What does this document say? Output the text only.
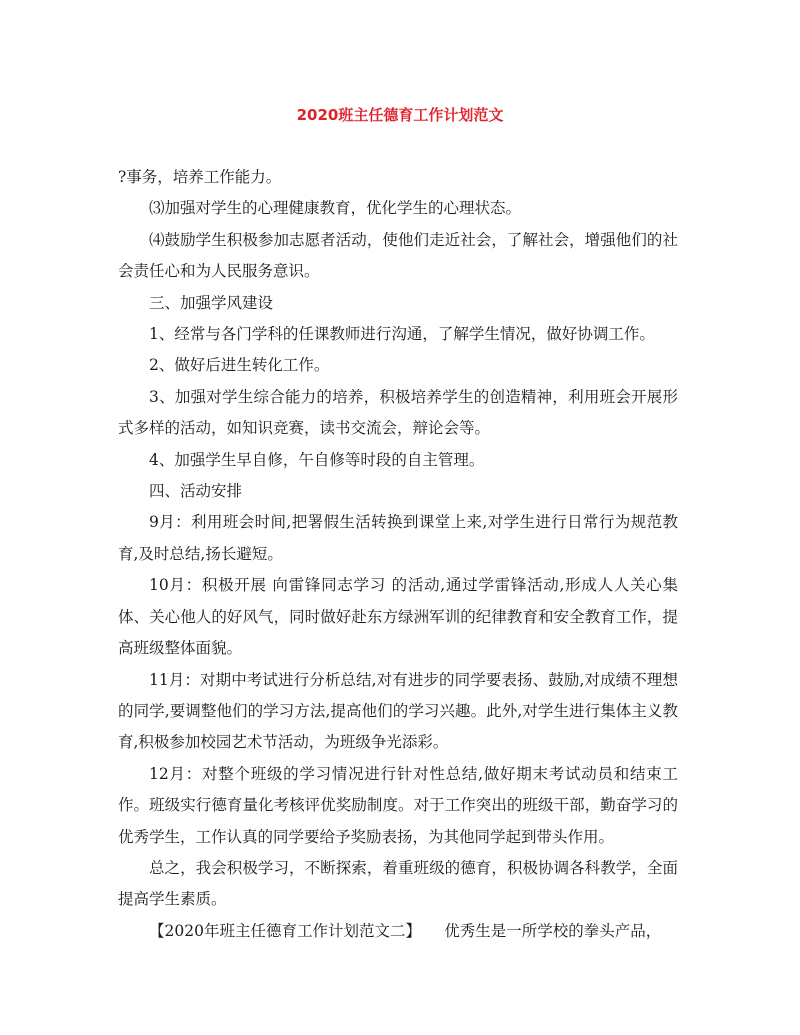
2020班主任德育工作计划范文

?事务，培养工作能力。

⑶加强对学生的心理健康教育，优化学生的心理状态。

⑷鼓励学生积极参加志愿者活动，使他们走近社会，了解社会，增强他们的社会责任心和为人民服务意识。

三、加强学风建设

1、经常与各门学科的任课教师进行沟通，了解学生情况，做好协调工作。

2、做好后进生转化工作。

3、加强对学生综合能力的培养，积极培养学生的创造精神，利用班会开展形式多样的活动，如知识竞赛，读书交流会，辩论会等。

4、加强学生早自修，午自修等时段的自主管理。

四、活动安排

9月：利用班会时间,把署假生活转换到课堂上来,对学生进行日常行为规范教育,及时总结,扬长避短。

10月：积极开展 向雷锋同志学习 的活动,通过学雷锋活动,形成人人关心集体、关心他人的好风气，同时做好赴东方绿洲军训的纪律教育和安全教育工作，提高班级整体面貌。

11月：对期中考试进行分析总结,对有进步的同学要表扬、鼓励,对成绩不理想的同学,要调整他们的学习方法,提高他们的学习兴趣。此外,对学生进行集体主义教育,积极参加校园艺术节活动，为班级争光添彩。

12月：对整个班级的学习情况进行针对性总结,做好期末考试动员和结束工作。班级实行德育量化考核评优奖励制度。对于工作突出的班级干部，勤奋学习的优秀学生，工作认真的同学要给予奖励表扬，为其他同学起到带头作用。

总之，我会积极学习，不断探索，着重班级的德育，积极协调各科教学，全面提高学生素质。

【2020年班主任德育工作计划范文二】　　优秀生是一所学校的拳头产品，
